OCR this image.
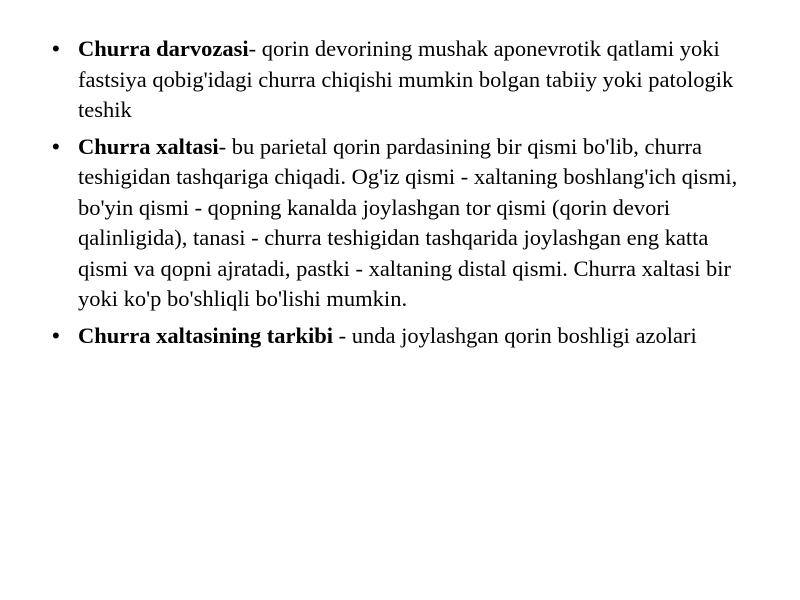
• Churra darvozasi- qorin devorining mushak aponevrotik qatlami yoki fastsiya qobig'idagi churra chiqishi mumkin bolgan tabiiy yoki patologik teshik
• Churra xaltasi- bu parietal qorin pardasining bir qismi bo'lib, churra teshigidan tashqariga chiqadi. Og'iz qismi - xaltaning boshlang'ich qismi, bo'yin qismi - qopning kanalda joylashgan tor qismi (qorin devori qalinligida), tanasi - churra teshigidan tashqarida joylashgan eng katta qismi va qopni ajratadi, pastki - xaltaning distal qismi. Churra xaltasi bir yoki ko'p bo'shliqli bo'lishi mumkin.
• Churra xaltasining tarkibi - unda joylashgan qorin boshligi azolari
